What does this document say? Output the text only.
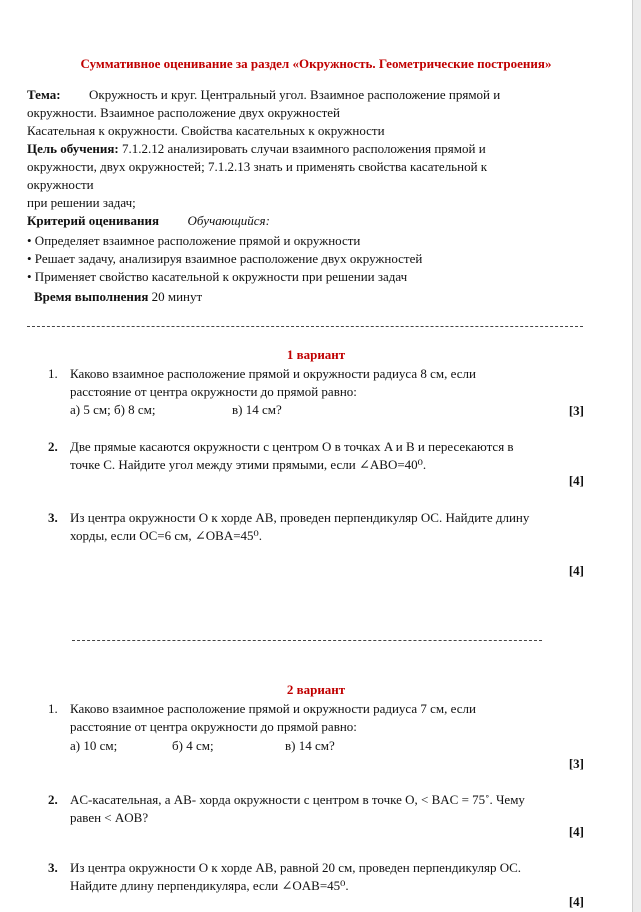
Суммативное оценивание за раздел «Окружность. Геометрические построения»
Тема: Окружность и круг. Центральный угол. Взаимное расположение прямой и
окружности. Взаимное расположение двух окружностей
Касательная к окружности. Свойства касательных к окружности
Цель обучения: 7.1.2.12 анализировать случаи взаимного расположения прямой и
окружности, двух окружностей; 7.1.2.13 знать и применять свойства касательной к
окружности
при решении задач;
Критерий оценивания Обучающийся:
• Определяет взаимное расположение прямой и окружности
• Решает задачу, анализируя взаимное расположение двух окружностей
• Применяет свойство касательной к окружности при решении задач
Время выполнения 20 минут
1 вариант
1. Каково взаимное расположение прямой и окружности радиуса 8 см, если
расстояние от центра окружности до прямой равно:
а) 5 см; б) 8 см;	в) 14 см?	[3]
2. Две прямые касаются окружности с центром O в точках A и B и пересекаются в
точке C. Найдите угол между этими прямыми, если ∠ABO=40⁰.
[4]
3. Из центра окружности O к хорде AB, проведен перпендикуляр OC. Найдите длину
хорды, если OC=6 см, ∠OBA=45⁰.
[4]
2 вариант
1. Каково взаимное расположение прямой и окружности радиуса 7 см, если
расстояние от центра окружности до прямой равно:
а) 10 см;	б) 4 см;	в) 14 см?
[3]
2. AC-касательная, а AB- хорда окружности с центром в точке O, < BAC = 75˚. Чему
равен < AOB?
[4]
3. Из центра окружности O к хорде AB, равной 20 см, проведен перпендикуляр OC.
Найдите длину перпендикуляра, если ∠OAB=45⁰.
[4]
